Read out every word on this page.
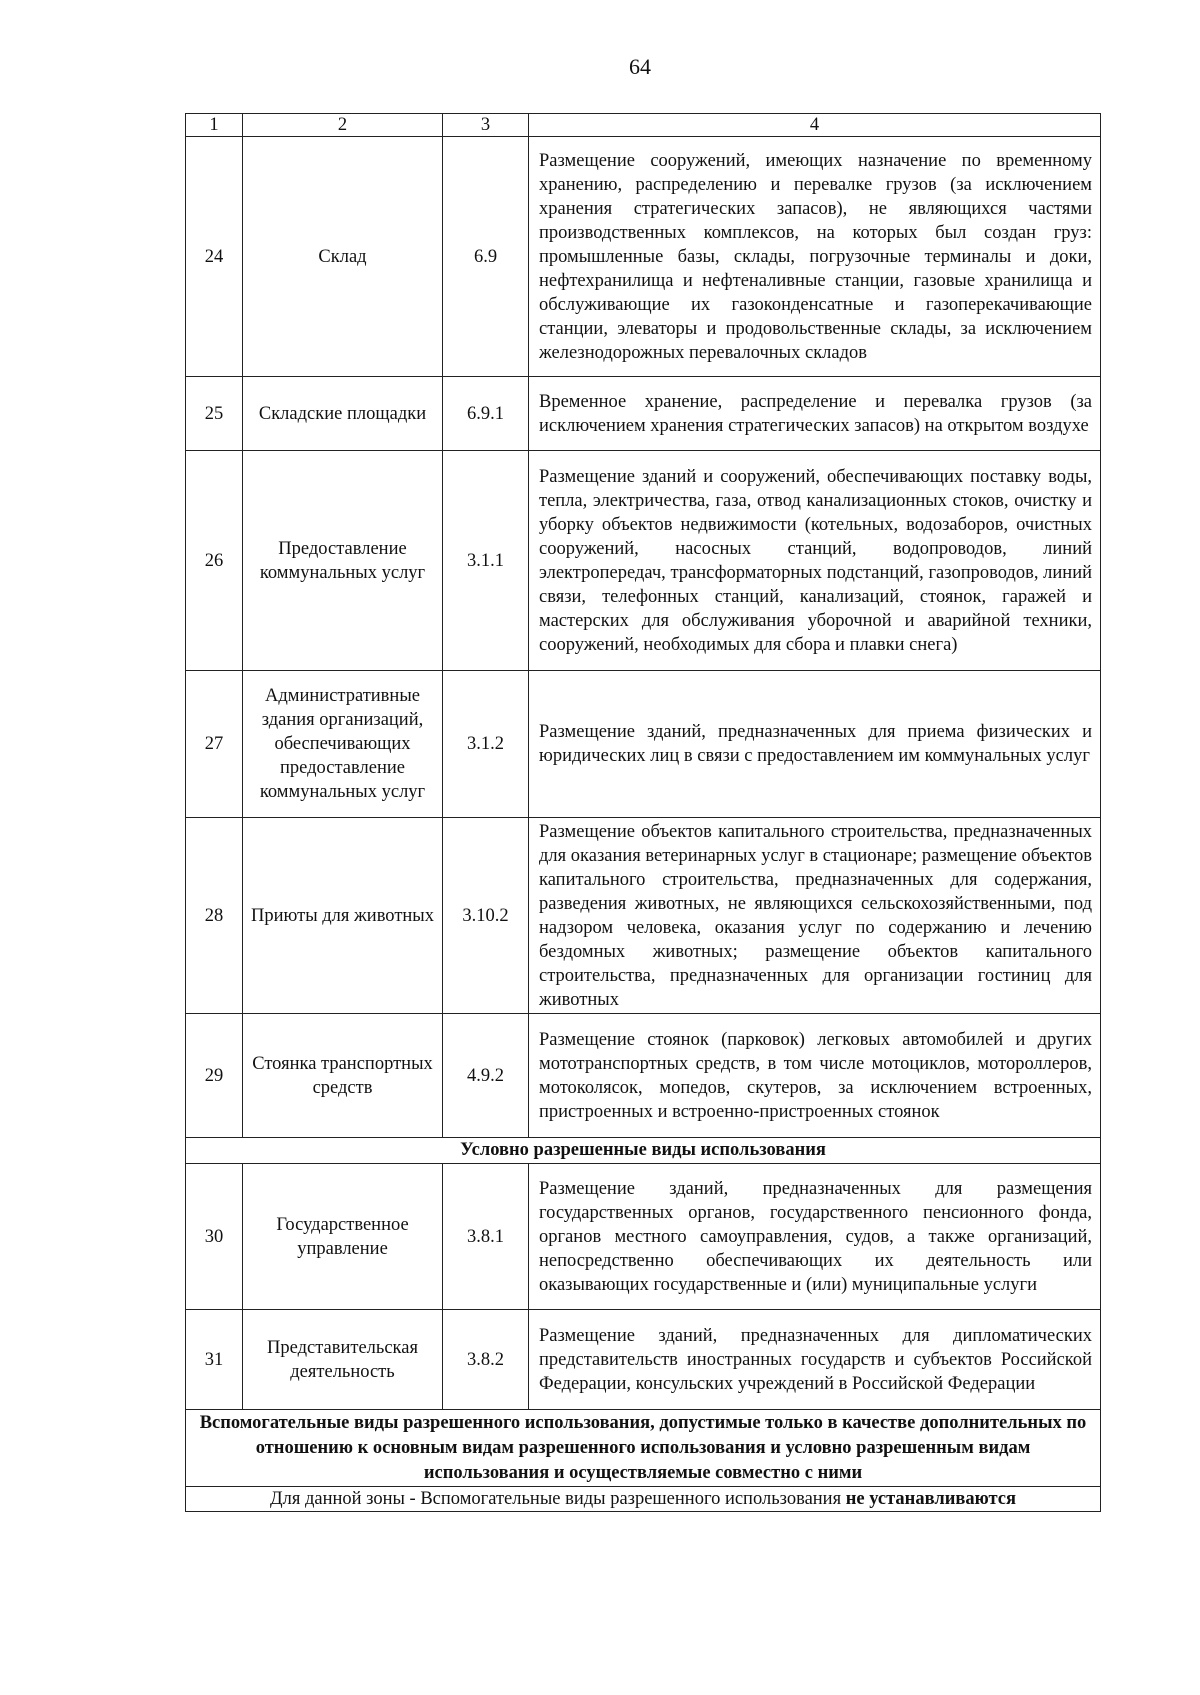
64
1	2	3	4
24	Склад	6.9	Размещение сооружений, имеющих назначение по временному хранению, распределению и перевалке грузов (за исключением хранения стратегических запасов), не являющихся частями производственных комплексов, на которых был создан груз: промышленные базы, склады, погрузочные терминалы и доки, нефтехранилища и нефтеналивные станции, газовые хранилища и обслуживающие их газоконденсатные и газоперекачивающие станции, элеваторы и продовольственные склады, за исключением железнодорожных перевалочных складов
25	Складские площадки	6.9.1	Временное хранение, распределение и перевалка грузов (за исключением хранения стратегических запасов) на открытом воздухе
26	Предоставление коммунальных услуг	3.1.1	Размещение зданий и сооружений, обеспечивающих поставку воды, тепла, электричества, газа, отвод канализационных стоков, очистку и уборку объектов недвижимости (котельных, водозаборов, очистных сооружений, насосных станций, водопроводов, линий электропередач, трансформаторных подстанций, газопроводов, линий связи, телефонных станций, канализаций, стоянок, гаражей и мастерских для обслуживания уборочной и аварийной техники, сооружений, необходимых для сбора и плавки снега)
27	Административные здания организаций, обеспечивающих предоставление коммунальных услуг	3.1.2	Размещение зданий, предназначенных для приема физических и юридических лиц в связи с предоставлением им коммунальных услуг
28	Приюты для животных	3.10.2	Размещение объектов капитального строительства, предназначенных для оказания ветеринарных услуг в стационаре; размещение объектов капитального строительства, предназначенных для содержания, разведения животных, не являющихся сельскохозяйственными, под надзором человека, оказания услуг по содержанию и лечению бездомных животных; размещение объектов капитального строительства, предназначенных для организации гостиниц для животных
29	Стоянка транспортных средств	4.9.2	Размещение стоянок (парковок) легковых автомобилей и других мототранспортных средств, в том числе мотоциклов, мотороллеров, мотоколясок, мопедов, скутеров, за исключением встроенных, пристроенных и встроенно-пристроенных стоянок
Условно разрешенные виды использования			
30	Государственное управление	3.8.1	Размещение зданий, предназначенных для размещения государственных органов, государственного пенсионного фонда, органов местного самоуправления, судов, а также организаций, непосредственно обеспечивающих их деятельность или оказывающих государственные и (или) муниципальные услуги
31	Представительская деятельность	3.8.2	Размещение зданий, предназначенных для дипломатических представительств иностранных государств и субъектов Российской Федерации, консульских учреждений в Российской Федерации
Вспомогательные виды разрешенного использования, допустимые только в качестве дополнительных по отношению к основным видам разрешенного использования и условно разрешенным видам использования и осуществляемые совместно с ними			
Для данной зоны - Вспомогательные виды разрешенного использования не устанавливаются			
